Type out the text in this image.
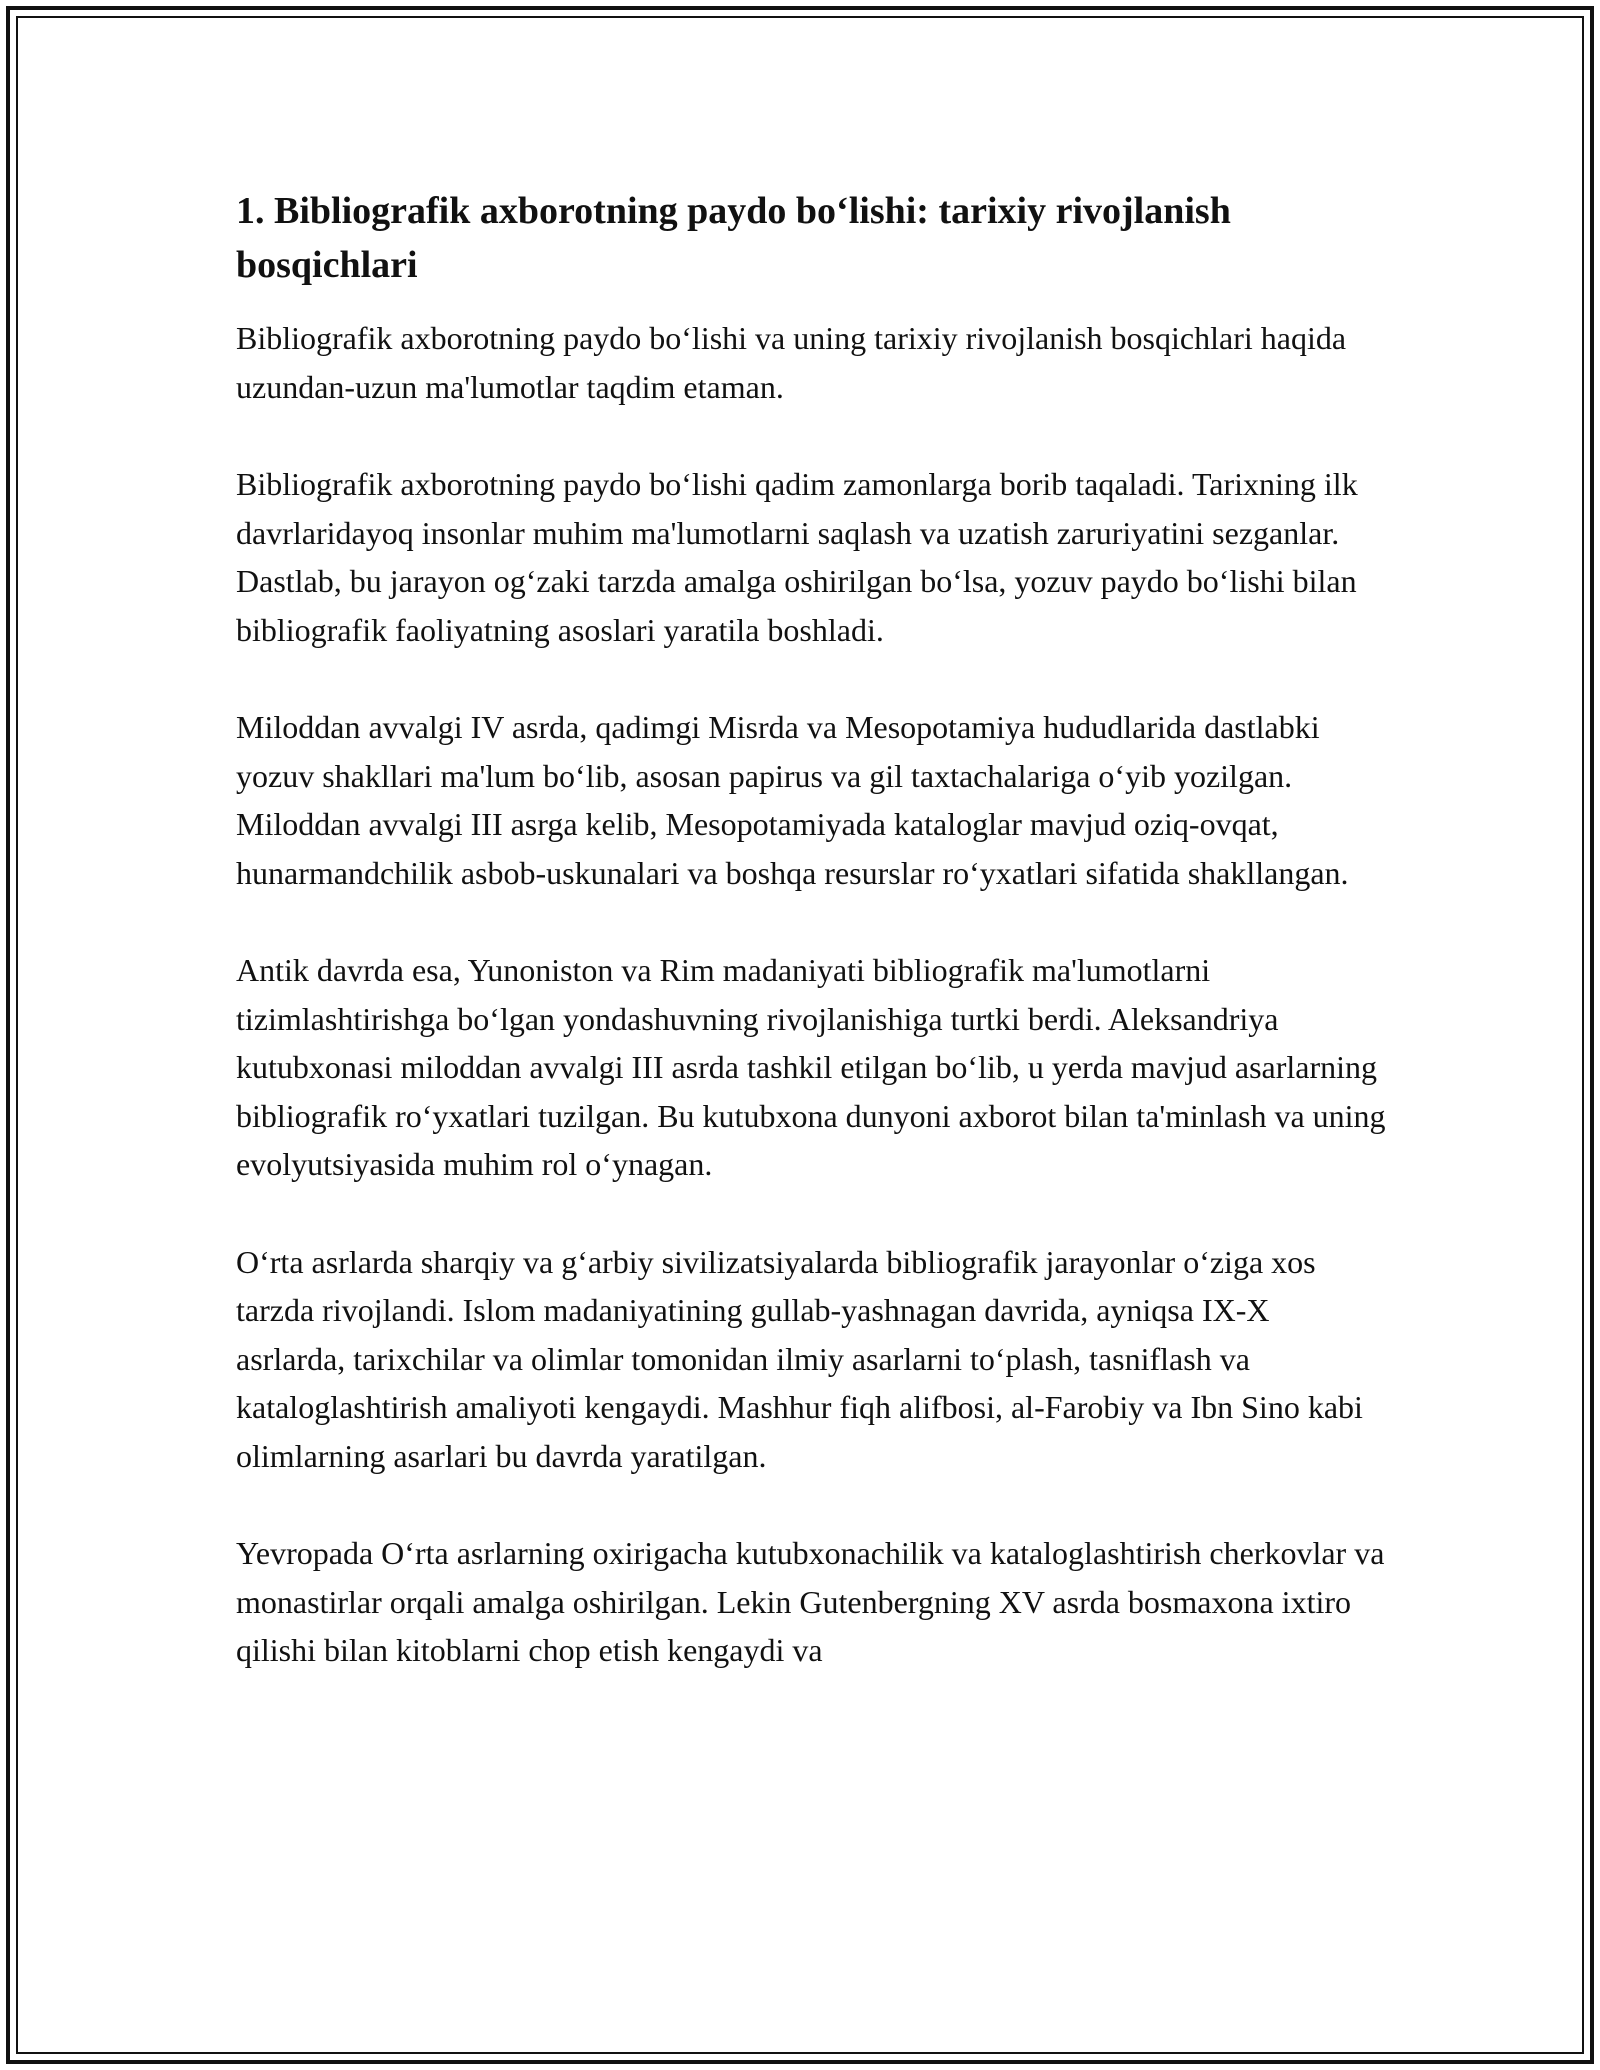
1. Bibliografik axborotning paydo bo‘lishi: tarixiy rivojlanish bosqichlari

Bibliografik axborotning paydo bo‘lishi va uning tarixiy rivojlanish bosqichlari haqida uzundan-uzun ma'lumotlar taqdim etaman.

Bibliografik axborotning paydo bo‘lishi qadim zamonlarga borib taqaladi. Tarixning ilk davrlaridayoq insonlar muhim ma'lumotlarni saqlash va uzatish zaruriyatini sezganlar. Dastlab, bu jarayon og‘zaki tarzda amalga oshirilgan bo‘lsa, yozuv paydo bo‘lishi bilan bibliografik faoliyatning asoslari yaratila boshladi.

Miloddan avvalgi IV asrda, qadimgi Misrda va Mesopotamiya hududlarida dastlabki yozuv shakllari ma'lum bo‘lib, asosan papirus va gil taxtachalariga o‘yib yozilgan. Miloddan avvalgi III asrga kelib, Mesopotamiyada kataloglar mavjud oziq-ovqat, hunarmandchilik asbob-uskunalari va boshqa resurslar ro‘yxatlari sifatida shakllangan.

Antik davrda esa, Yunoniston va Rim madaniyati bibliografik ma'lumotlarni tizimlashtirishga bo‘lgan yondashuvning rivojlanishiga turtki berdi. Aleksandriya kutubxonasi miloddan avvalgi III asrda tashkil etilgan bo‘lib, u yerda mavjud asarlarning bibliografik ro‘yxatlari tuzilgan. Bu kutubxona dunyoni axborot bilan ta'minlash va uning evolyutsiyasida muhim rol o‘ynagan.

O‘rta asrlarda sharqiy va g‘arbiy sivilizatsiyalarda bibliografik jarayonlar o‘ziga xos tarzda rivojlandi. Islom madaniyatining gullab-yashnagan davrida, ayniqsa IX-X asrlarda, tarixchilar va olimlar tomonidan ilmiy asarlarni to‘plash, tasniflash va kataloglashtirish amaliyoti kengaydi. Mashhur fiqh alifbosi, al-Farobiy va Ibn Sino kabi olimlarning asarlari bu davrda yaratilgan.

Yevropada O‘rta asrlarning oxirigacha kutubxonachilik va kataloglashtirish cherkovlar va monastirlar orqali amalga oshirilgan. Lekin Gutenbergning XV asrda bosmaxona ixtiro qilishi bilan kitoblarni chop etish kengaydi va
